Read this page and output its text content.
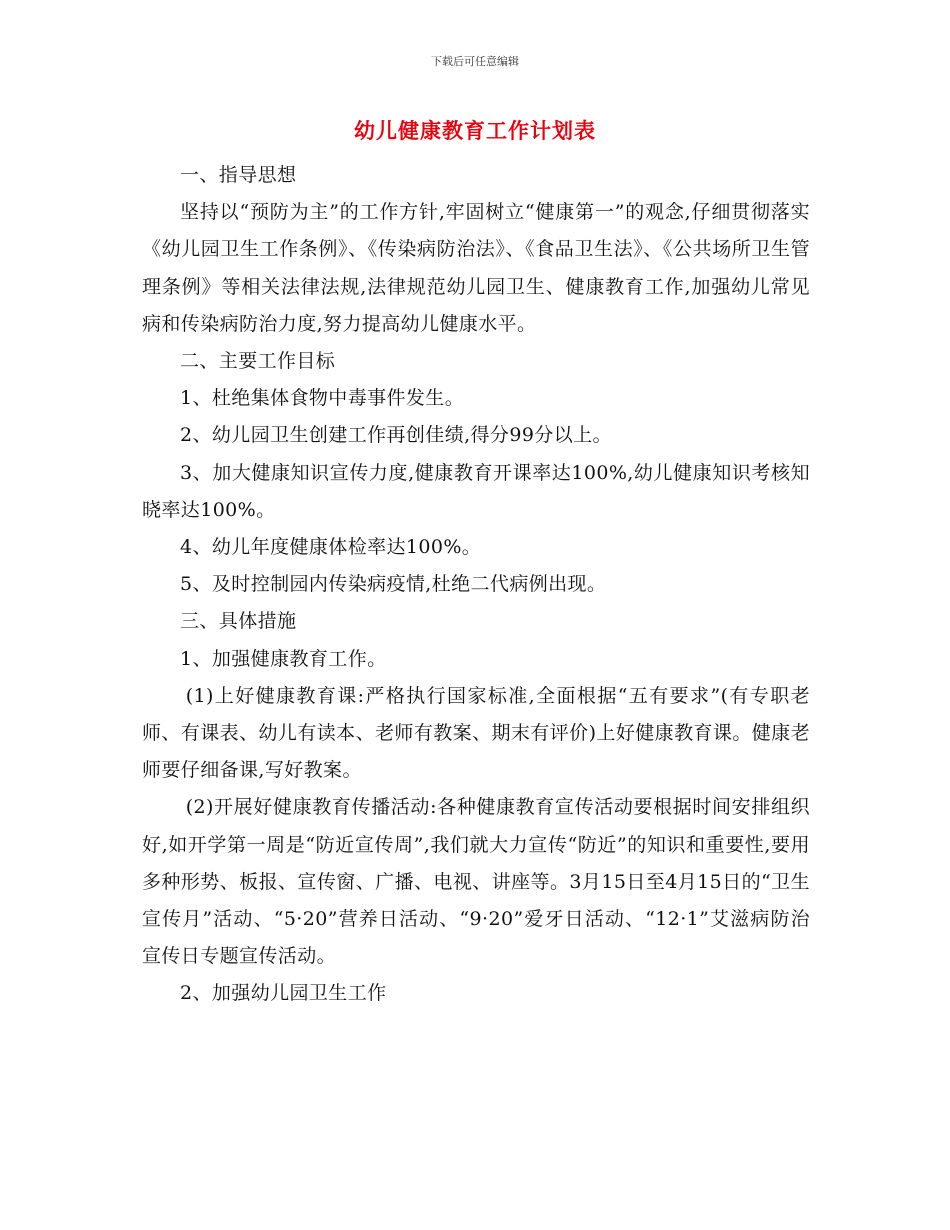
下载后可任意编辑
幼儿健康教育工作计划表

一、指导思想

坚持以“预防为主”的工作方针,牢固树立“健康第一”的观念,仔细贯彻落实《幼儿园卫生工作条例》、《传染病防治法》、《食品卫生法》、《公共场所卫生管理条例》等相关法律法规,法律规范幼儿园卫生、健康教育工作,加强幼儿常见病和传染病防治力度,努力提高幼儿健康水平。

二、主要工作目标

1、杜绝集体食物中毒事件发生。

2、幼儿园卫生创建工作再创佳绩,得分99分以上。

3、加大健康知识宣传力度,健康教育开课率达100%,幼儿健康知识考核知晓率达100%。

4、幼儿年度健康体检率达100%。

5、及时控制园内传染病疫情,杜绝二代病例出现。

三、具体措施

1、加强健康教育工作。

(1)上好健康教育课:严格执行国家标准,全面根据“五有要求”(有专职老师、有课表、幼儿有读本、老师有教案、期末有评价)上好健康教育课。健康老师要仔细备课,写好教案。

(2)开展好健康教育传播活动:各种健康教育宣传活动要根据时间安排组织好,如开学第一周是“防近宣传周”,我们就大力宣传“防近”的知识和重要性,要用多种形势、板报、宣传窗、广播、电视、讲座等。3月15日至4月15日的“卫生宣传月”活动、“5·20”营养日活动、“9·20”爱牙日活动、“12·1”艾滋病防治宣传日专题宣传活动。

2、加强幼儿园卫生工作
